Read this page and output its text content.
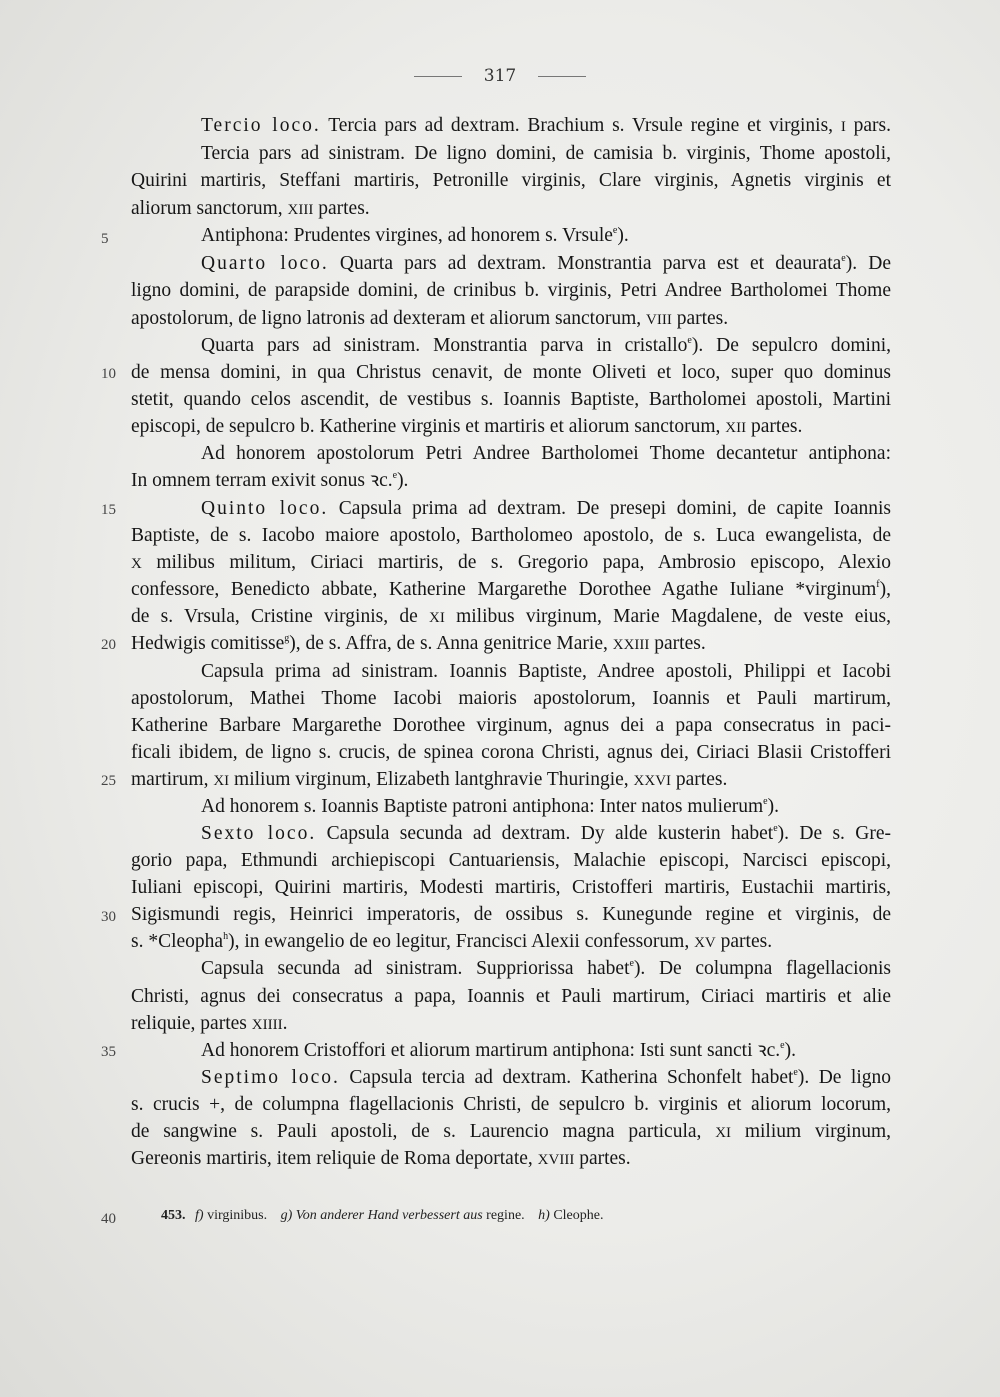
317
5
10
15
20
25
30
35
40
Tercio loco. Tercia pars ad dextram. Brachium s. Vrsule regine et virginis, I pars.
Tercia pars ad sinistram. De ligno domini, de camisia b. virginis, Thome apostoli,
Quirini martiris, Steffani martiris, Petronille virginis, Clare virginis, Agnetis virginis et
aliorum sanctorum, XIII partes.
Antiphona: Prudentes virgines, ad honorem s. Vrsule$^e$).
Quarto loco. Quarta pars ad dextram. Monstrantia parva est et deaurata$^e$). De
ligno domini, de parapside domini, de crinibus b. virginis, Petri Andree Bartholomei Thome
apostolorum, de ligno latronis ad dexteram et aliorum sanctorum, VIII partes.
Quarta pars ad sinistram. Monstrantia parva in cristallo$^e$). De sepulcro domini,
de mensa domini, in qua Christus cenavit, de monte Oliveti et loco, super quo dominus
stetit, quando celos ascendit, de vestibus s. Ioannis Baptiste, Bartholomei apostoli, Martini
episcopi, de sepulcro b. Katherine virginis et martiris et aliorum sanctorum, XII partes.
Ad honorem apostolorum Petri Andree Bartholomei Thome decantetur antiphona:
In omnem terram exivit sonus ꝛc.$^e$).
Quinto loco. Capsula prima ad dextram. De presepi domini, de capite Ioannis
Baptiste, de s. Iacobo maiore apostolo, Bartholomeo apostolo, de s. Luca ewangelista, de
X milibus militum, Ciriaci martiris, de s. Gregorio papa, Ambrosio episcopo, Alexio
confessore, Benedicto abbate, Katherine Margarethe Dorothee Agathe Iuliane *virginum$^f$),
de s. Vrsula, Cristine virginis, de XI milibus virginum, Marie Magdalene, de veste eius,
Hedwigis comitisse$^g$), de s. Affra, de s. Anna genitrice Marie, XXIII partes.
Capsula prima ad sinistram. Ioannis Baptiste, Andree apostoli, Philippi et Iacobi
apostolorum, Mathei Thome Iacobi maioris apostolorum, Ioannis et Pauli martirum,
Katherine Barbare Margarethe Dorothee virginum, agnus dei a papa consecratus in paci-
ficali ibidem, de ligno s. crucis, de spinea corona Christi, agnus dei, Ciriaci Blasii Cristofferi
martirum, XI milium virginum, Elizabeth lantghravie Thuringie, XXVI partes.
Ad honorem s. Ioannis Baptiste patroni antiphona: Inter natos mulierum$^e$).
Sexto loco. Capsula secunda ad dextram. Dy alde kusterin habet$^e$). De s. Gre-
gorio papa, Ethmundi archiepiscopi Cantuariensis, Malachie episcopi, Narcisci episcopi,
Iuliani episcopi, Quirini martiris, Modesti martiris, Cristofferi martiris, Eustachii martiris,
Sigismundi regis, Heinrici imperatoris, de ossibus s. Kunegunde regine et virginis, de
s. *Cleopha$^h$), in ewangelio de eo legitur, Francisci Alexii confessorum, XV partes.
Capsula secunda ad sinistram. Suppriorissa habet$^e$). De columpna flagellacionis
Christi, agnus dei consecratus a papa, Ioannis et Pauli martirum, Ciriaci martiris et alie
reliquie, partes XIIII.
Ad honorem Cristoffori et aliorum martirum antiphona: Isti sunt sancti ꝛc.$^e$).
Septimo loco. Capsula tercia ad dextram. Katherina Schonfelt habet$^e$). De ligno
s. crucis +, de columpna flagellacionis Christi, de sepulcro b. virginis et aliorum locorum,
de sangwine s. Pauli apostoli, de s. Laurencio magna particula, XI milium virginum,
Gereonis martiris, item reliquie de Roma deportate, XVIII partes.
453. f) virginibus. g) Von anderer Hand verbessert aus regine. h) Cleophe.
